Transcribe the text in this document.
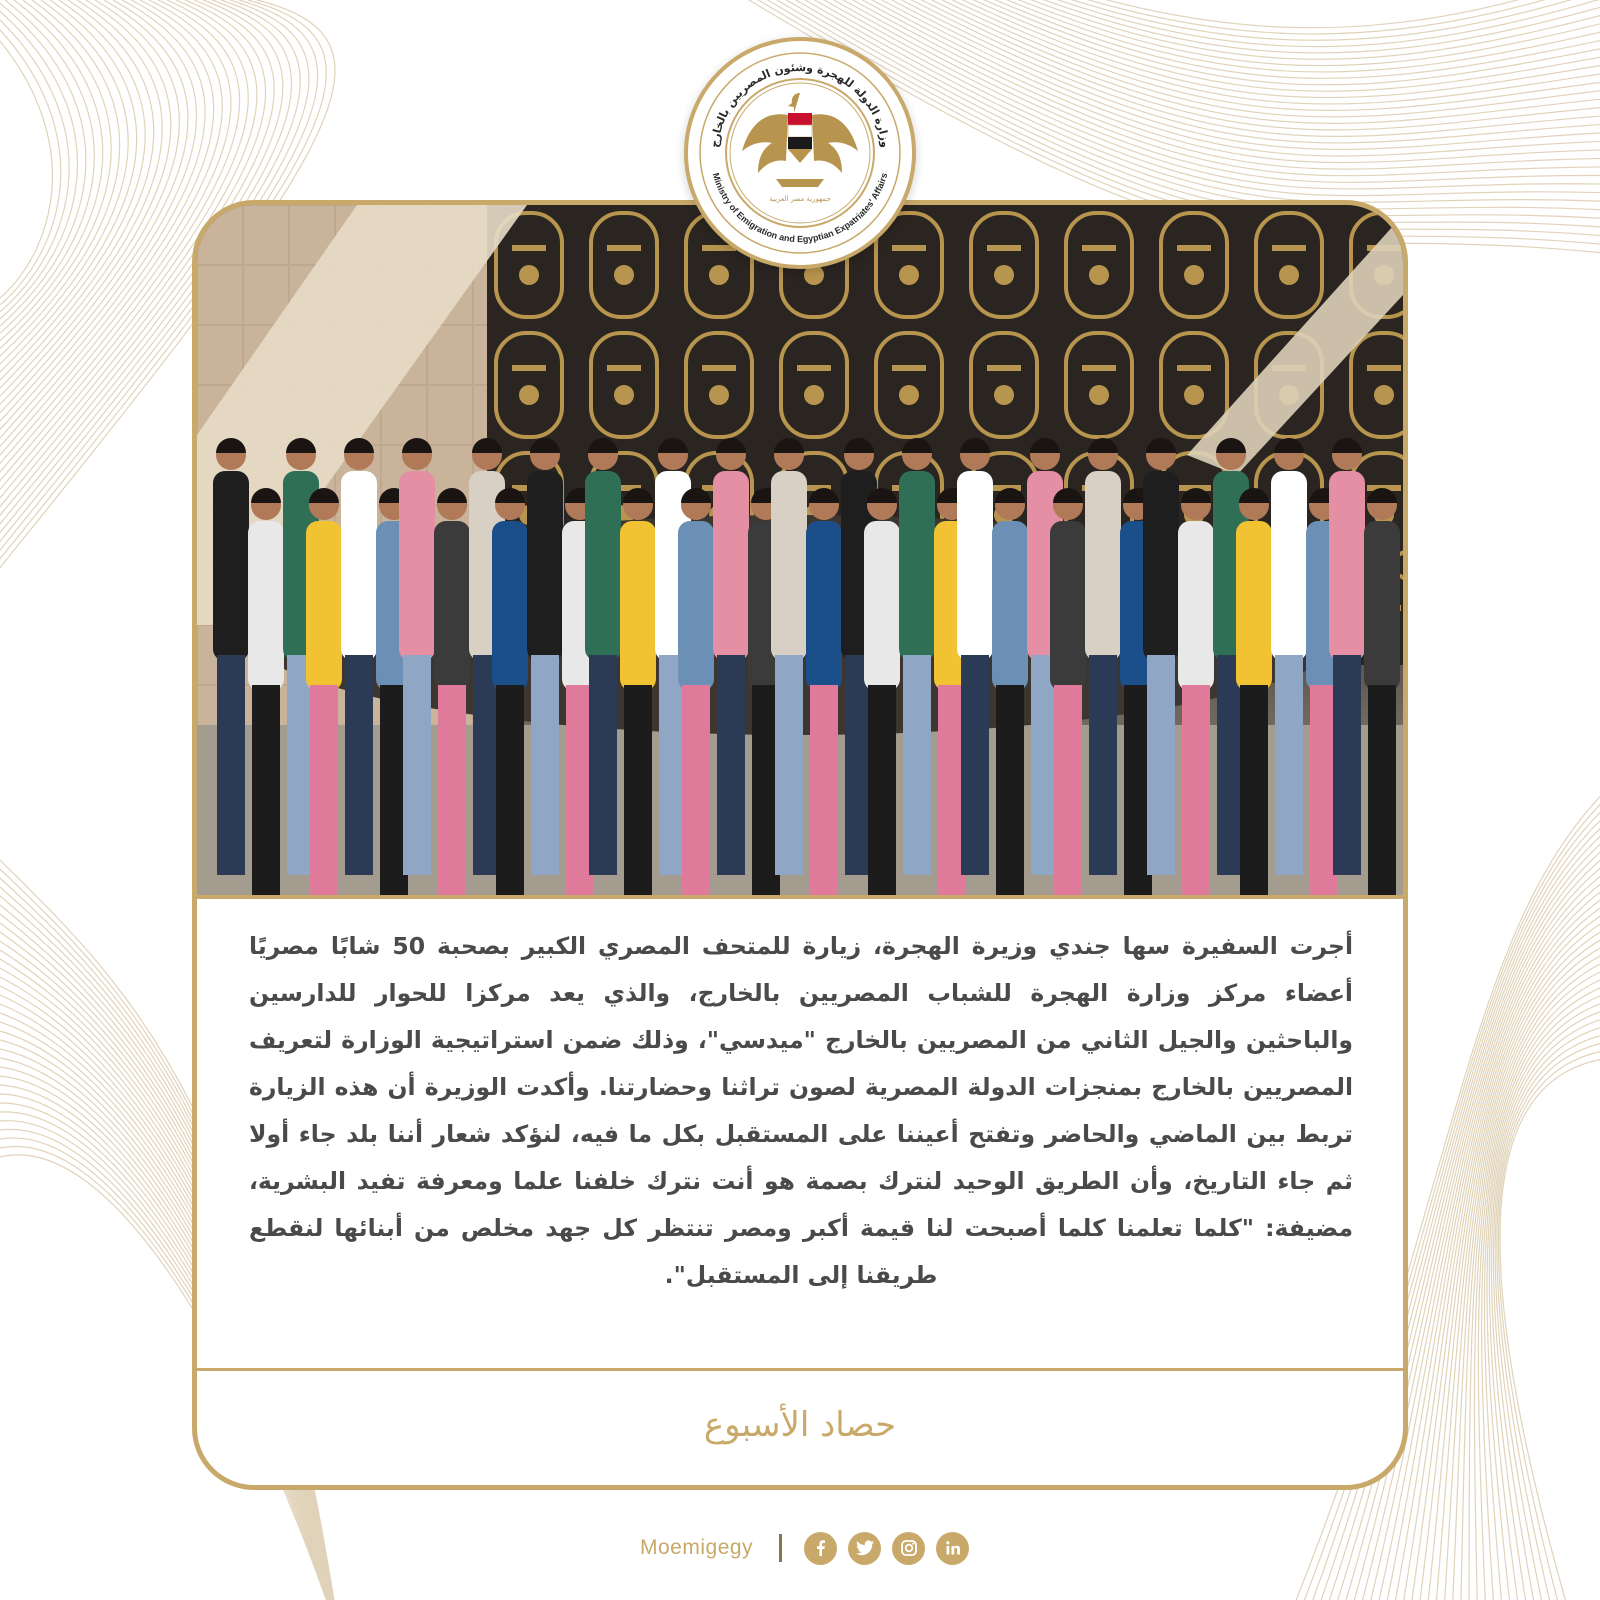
أجرت السفيرة سها جندي وزيرة الهجرة، زيارة للمتحف المصري الكبير بصحبة 50 شابًا مصريًا أعضاء مركز وزارة الهجرة للشباب المصريين بالخارج، والذي يعد مركزا للحوار للدارسين والباحثين والجيل الثاني من المصريين بالخارج "ميدسي"، وذلك ضمن استراتيجية الوزارة لتعريف المصريين بالخارج بمنجزات الدولة المصرية لصون تراثنا وحضارتنا. وأكدت الوزيرة أن هذه الزيارة تربط بين الماضي والحاضر وتفتح أعيننا على المستقبل بكل ما فيه، لنؤكد شعار أننا بلد جاء أولا ثم جاء التاريخ، وأن الطريق الوحيد لنترك بصمة هو أنت نترك خلفنا علما ومعرفة تفيد البشرية، مضيفة: "كلما تعلمنا كلما أصبحت لنا قيمة أكبر ومصر تنتظر كل جهد مخلص من أبنائها لنقطع طريقنا إلى المستقبل".

حصاد الأسبوع
جمهورية مصر العربية
وزارة الدولة للهجرة وشئون المصريين بالخارج
Ministry of Emigration and Egyptian Expatriates' Affairs
Moemigegy
